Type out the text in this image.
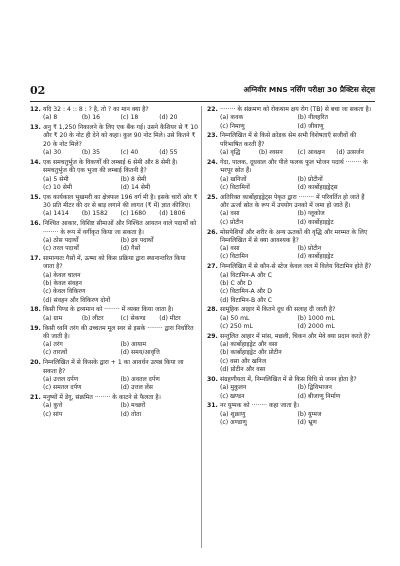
02	अग्निवीर MNS नर्सिंग परीक्षा 30 प्रैक्टिस सेट्स
12. यदि 32 : 4 :: 8 : ? है, तो ? का मान क्या है?
(a) 8	(b) 16	(c) 18	(d) 20
13. अनु ₹ 1,250 निकालने के लिए एक बैंक गई। उसने कैशियर से ₹ 10 और ₹ 20 के नोट ही देने को कहा। कुल 90 नोट मिले। उसे कितने ₹ 20 के नोट मिले?
(a) 30	(b) 35	(c) 40	(d) 55
14. एक समचतुर्भुज के विकर्णों की लम्बाई 6 सेमी और 8 सेमी है। समचतुर्भुज की एक भुजा की लम्बाई कितनी है?
(a) 5 सेमी	(b) 8 सेमी
(c) 10 सेमी	(d) 14 सेमी
15. एक कार्यकाल भुखमरी का क्षेत्रफल 196 वर्ग मी है। इसके चारों ओर ₹ 30 प्रति मीटर की दर से बाड़ लगाने की लागत (₹ में) ज्ञात कीजिए।
(a) 1414	(b) 1582	(c) 1680	(d) 1806
16. निश्चित आकार, विशिष्ट सीमाओं और निश्चित आयतन वाले पदार्थों को ········ के रूप में वर्गीकृत किया जा सकता है।
(a) ठोस पदार्थों	(b) द्रव पदार्थों
(c) तरल पदार्थों	(d) गैसों
17. सामान्यतः गैसों में, ऊष्मा को किस प्रक्रिया द्वारा स्थानान्तरित किया जाता है?
(a) केवल चालन
(b) केवल संवहन
(c) केवल विकिरण
(d) संवहन और विकिरण दोनों
18. किसी पिण्ड के द्रव्यमान को ········ में व्यक्त किया जाता है।
(a) ग्राम	(b) लीटर	(c) सेकण्ड	(d) मीटर
19. किसी ध्वनि तरंग की उच्चतम मूल स्वर से इसके ········ द्वारा निर्धारित की जाती है।
(a) तरंग	(b) आयाम
(c) तारत्वों	(d) समय/आवृत्ति
20. निम्नलिखित में से किसके द्वारा + 1 का आवर्धन उत्पन्न किया जा सकता है?
(a) उत्तल दर्पण	(b) अवतल दर्पण
(c) समतल दर्पण	(d) उत्तल लेंस
21. मनुष्यों में डेंगू, संक्रमित ········ के काटने से फैलता है।
(a) कुत्ते	(b) मच्छरों
(c) सांप	(d) तोता
22. ········ के संक्रमण को रोकथाम क्षय रोग (TB) से बचा जा सकता है।
(a) कवक	(b) नीलहरित
(c) निमाणु	(d) जीवाणु
23. निम्नलिखित में से किसे क्रोडक सेम सभी विशेषताएँ सजीवों की परिभाषित करती हैं?
(a) वृद्धि	(b) श्वसन	(c) आवक्षन	(d) उत्सर्जन
24. गेंदा, पालक, दूधवाल और पीले फलक फूल भोजन पदार्थ ········ के भरपूर स्रोत हैं।
(a) खनिजों	(b) प्रोटीनों
(c) विटामिनों	(d) कार्बोहाइड्रेट्स
25. अतिरिक्त कार्बोहाइड्रेट्स पेकृत द्वारा ········ में परिवर्तित हो जाते हैं और ऊर्जा स्रोत के रूप में उपयोग उनको में जमा हो जाते हैं।
(a) वसा	(b) ग्लूकोज
(c) प्रोटीन	(d) कार्बोहाइड्रेट
26. मोसपेशियों और शरीर के अन्य ऊतकों की वृद्धि और मरम्मत के लिए निम्नलिखित में से क्या आवश्यक है?
(a) वसा	(b) प्रोटीन
(c) विटामिन	(d) कार्बोहाइड्रेट
27. निम्नलिखित में से कौन-से स्टेज केवल जल में विलेय विटामिन होते हैं?
(a) विटामिन-A और C
(b) C और D
(c) विटामिन-A और D
(d) विटामिन-B और C
28. सामूहिक आहार में कितने दूध की सलाह दी जाती है?
(a) 50 mL	(b) 1000 mL
(c) 250 mL	(d) 2000 mL
29. सन्तुलित आहार में मांस, मछली, चिकन और मेवे क्या प्रदान करते हैं?
(a) कार्बोहाइड्रेट और वसा
(b) कार्बोहाइड्रेट और प्रोटीन
(c) वसा और खनिज
(d) प्रोटीन और वसा
30. संग्रहणीयता में, निम्नलिखित में से किस विधि से जनन होता है?
(a) मुकुलन	(b) द्विविभाजन
(c) खण्डन	(d) बीजाणु निर्माण
31. नर युग्मक को ········ कहा जाता है।
(a) शुक्राणु	(b) युग्मज
(c) अण्डाणु	(d) भ्रूण
